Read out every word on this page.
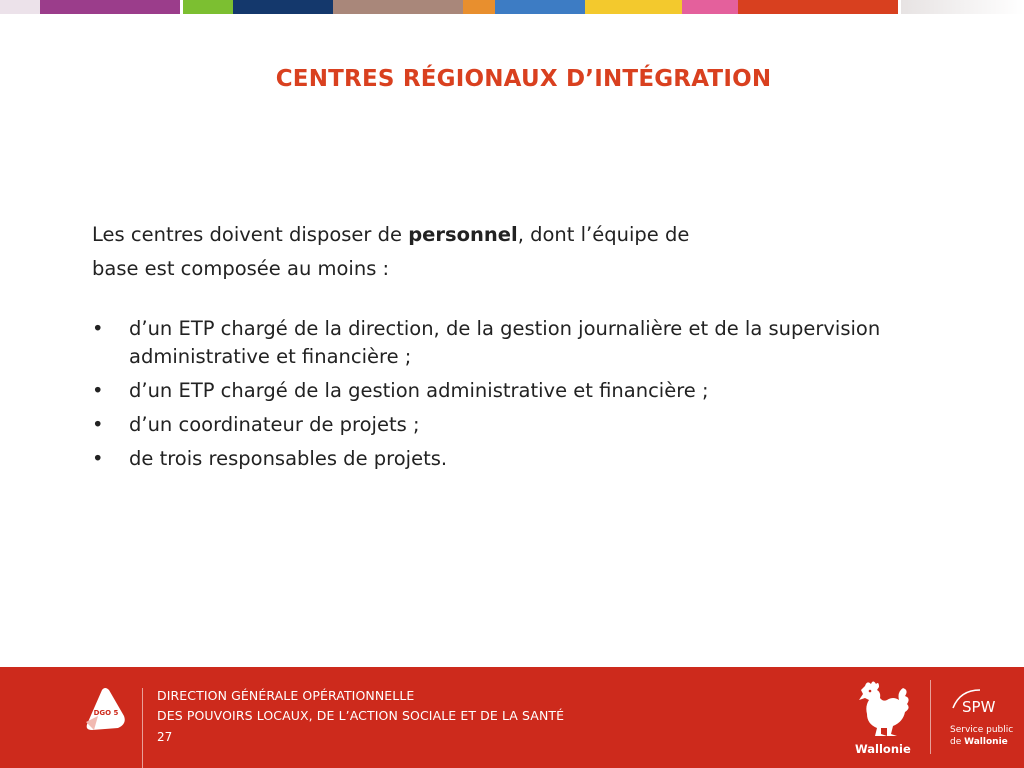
CENTRES RÉGIONAUX D’INTÉGRATION
Les centres doivent disposer de personnel, dont l’équipe de
base est composée au moins :
• d’un ETP chargé de la direction, de la gestion journalière et de la supervision administrative et financière ;
• d’un ETP chargé de la gestion administrative et financière ;
• d’un coordinateur de projets ;
• de trois responsables de projets.
DGO 5
DIRECTION GÉNÉRALE OPÉRATIONNELLE
DES POUVOIRS LOCAUX, DE L’ACTION SOCIALE ET DE LA SANTÉ
27
Wallonie
SPW
Service public
de Wallonie
